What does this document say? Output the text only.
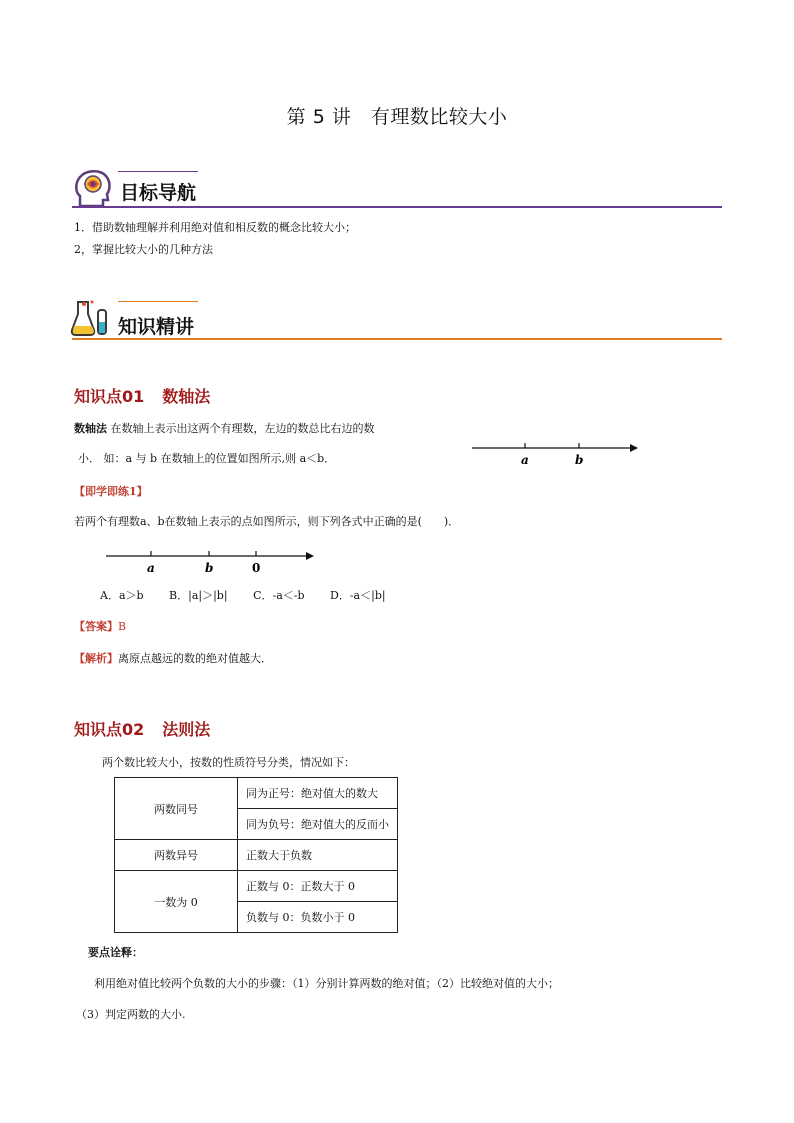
第 5 讲　有理数比较大小
目标导航
1．借助数轴理解并利用绝对值和相反数的概念比较大小；
2，掌握比较大小的几种方法
知识精讲
知识点01 数轴法
数轴法 在数轴上表示出这两个有理数，左边的数总比右边的数
小． 如：a 与 b 在数轴上的位置如图所示,则 a＜b．	a	b
【即学即练1】
若两个有理数a、b在数轴上表示的点如图所示，则下列各式中正确的是(　　)．
a	b	0
A．a＞b B．|a|＞|b| C．-a＜-b D．-a＜|b|
【答案】B
【解析】离原点越远的数的绝对值越大．
知识点02 法则法
两个数比较大小，按数的性质符号分类，情况如下：
两数同号	同为正号：绝对值大的数大
	同为负号：绝对值大的反而小
两数异号	正数大于负数
一数为 0	正数与 0：正数大于 0
	负数与 0：负数小于 0
要点诠释：
利用绝对值比较两个负数的大小的步骤：（1）分别计算两数的绝对值；（2）比较绝对值的大小；
（3）判定两数的大小.
